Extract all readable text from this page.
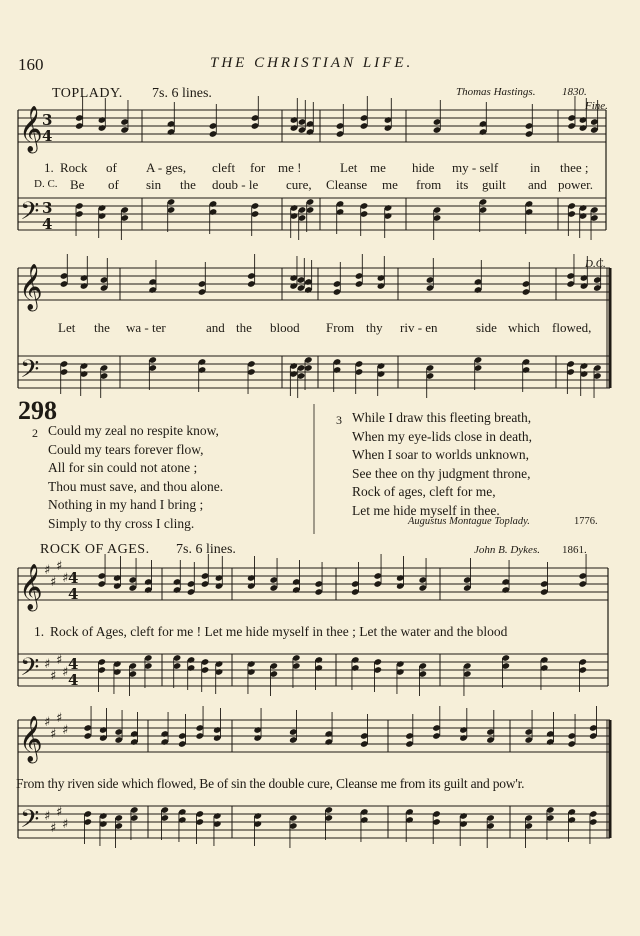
160	THE CHRISTIAN LIFE.
TOPLADY. 7s. 6 lines.	Thomas Hastings. 1830.
Fine.
D.C.
1. Rock of A - ges, cleft for me !	Let me hide my - self in thee ;
D. C. Be of sin the doub - le cure, Cleanse me from its guilt and power.
Let the wa - ter	and the blood From thy riv - en	side which flowed,
298
2 Could my zeal no respite know,
Could my tears forever flow,
All for sin could not atone ;
Thou must save, and thou alone.
Nothing in my hand I bring ;
Simply to thy cross I cling.
3 While I draw this fleeting breath,
When my eye-lids close in death,
When I soar to worlds unknown,
See thee on thy judgment throne,
Rock of ages, cleft for me,
Let me hide myself in thee.
Augustus Montague Toplady.	1776.
ROCK OF AGES. 7s. 6 lines.	John B. Dykes. 1861.
1. Rock of Ages, cleft for me ! Let me hide myself in thee ; Let the water and the blood
From thy riven side which flowed, Be of sin the double cure, Cleanse me from its guilt and pow'r.
𝄞
𝄢
3
4
3
4
𝄞
𝄢
𝄞
𝄢
♯
♯
♯
♯
♯
♯
♯
♯
4
4
4
4
𝄞
𝄢
♯
♯
♯
♯
♯
♯
♯
♯
